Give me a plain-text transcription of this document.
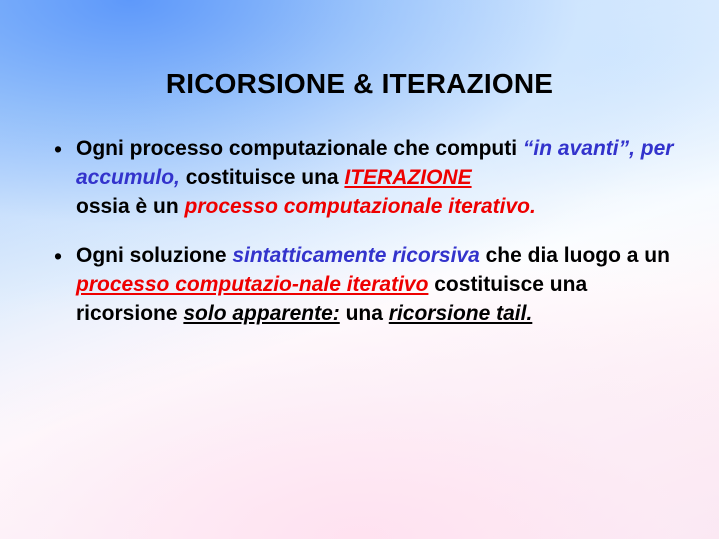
RICORSIONE & ITERAZIONE
• Ogni processo computazionale che computi “in avanti”, per accumulo, costituisce una ITERAZIONE
ossia è un processo computazionale iterativo.
• Ogni soluzione sintatticamente ricorsiva che dia luogo a un processo computazio-nale iterativo costituisce una ricorsione solo apparente: una ricorsione tail.
